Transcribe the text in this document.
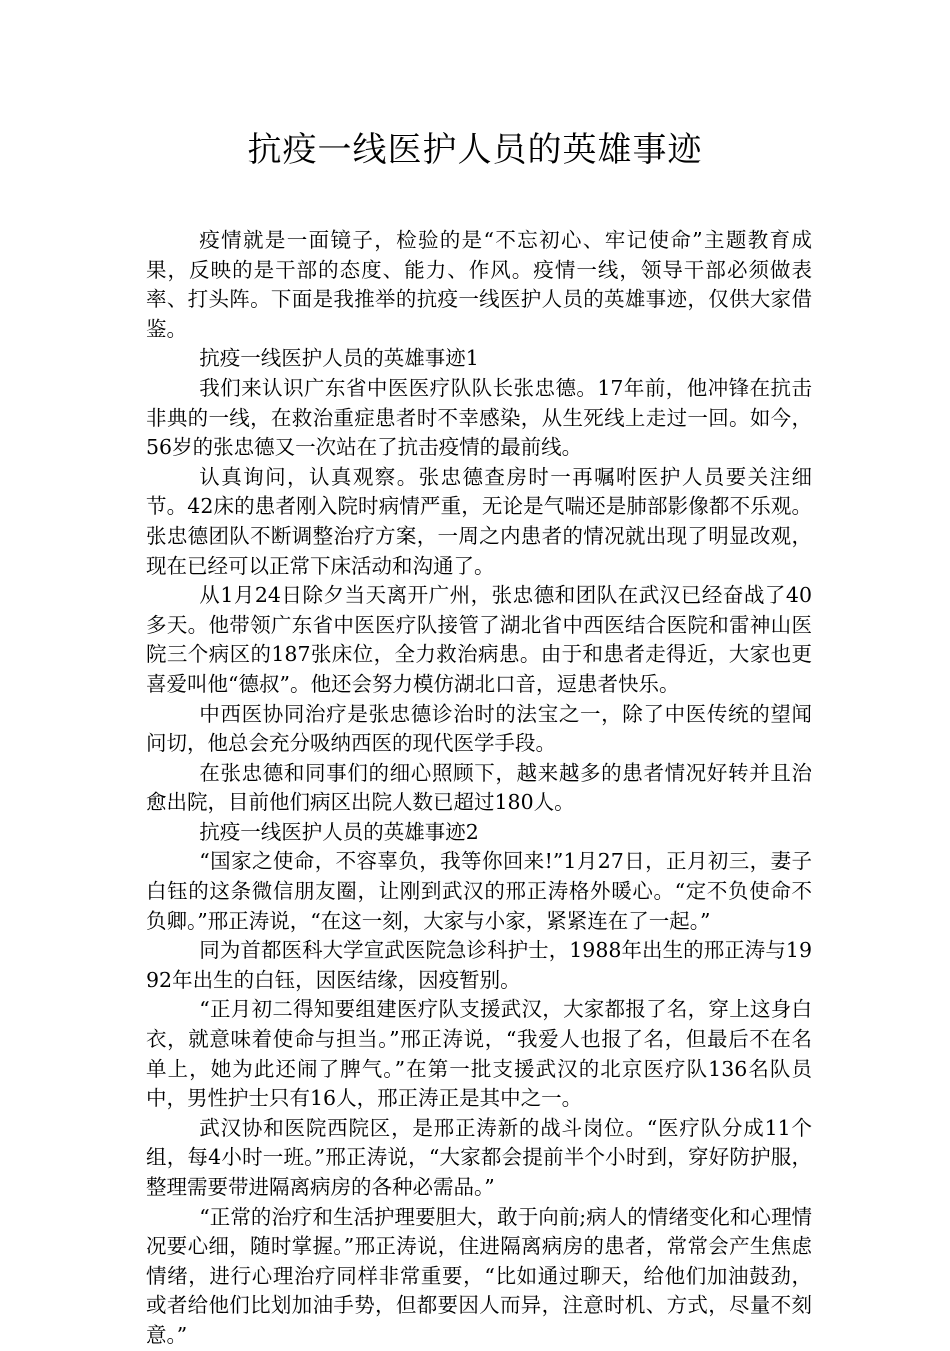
抗疫一线医护人员的英雄事迹

疫情就是一面镜子，检验的是“不忘初心、牢记使命”主题教育成果，反映的是干部的态度、能力、作风。疫情一线，领导干部必须做表率、打头阵。下面是我推举的抗疫一线医护人员的英雄事迹，仅供大家借鉴。

抗疫一线医护人员的英雄事迹1

我们来认识广东省中医医疗队队长张忠德。17年前，他冲锋在抗击非典的一线，在救治重症患者时不幸感染，从生死线上走过一回。如今，56岁的张忠德又一次站在了抗击疫情的最前线。

认真询问，认真观察。张忠德查房时一再嘱咐医护人员要关注细节。42床的患者刚入院时病情严重，无论是气喘还是肺部影像都不乐观。张忠德团队不断调整治疗方案，一周之内患者的情况就出现了明显改观，现在已经可以正常下床活动和沟通了。

从1月24日除夕当天离开广州，张忠德和团队在武汉已经奋战了40多天。他带领广东省中医医疗队接管了湖北省中西医结合医院和雷神山医院三个病区的187张床位，全力救治病患。由于和患者走得近，大家也更喜爱叫他“德叔”。他还会努力模仿湖北口音，逗患者快乐。

中西医协同治疗是张忠德诊治时的法宝之一，除了中医传统的望闻问切，他总会充分吸纳西医的现代医学手段。

在张忠德和同事们的细心照顾下，越来越多的患者情况好转并且治愈出院，目前他们病区出院人数已超过180人。

抗疫一线医护人员的英雄事迹2

“国家之使命，不容辜负，我等你回来!”1月27日，正月初三，妻子白钰的这条微信朋友圈，让刚到武汉的邢正涛格外暖心。“定不负使命不负卿。”邢正涛说，“在这一刻，大家与小家，紧紧连在了一起。”

同为首都医科大学宣武医院急诊科护士，1988年出生的邢正涛与1992年出生的白钰，因医结缘，因疫暂别。

“正月初二得知要组建医疗队支援武汉，大家都报了名，穿上这身白衣，就意味着使命与担当。”邢正涛说，“我爱人也报了名，但最后不在名单上，她为此还闹了脾气。”在第一批支援武汉的北京医疗队136名队员中，男性护士只有16人，邢正涛正是其中之一。

武汉协和医院西院区，是邢正涛新的战斗岗位。“医疗队分成11个组，每4小时一班。”邢正涛说，“大家都会提前半个小时到，穿好防护服，整理需要带进隔离病房的各种必需品。”

“正常的治疗和生活护理要胆大，敢于向前;病人的情绪变化和心理情况要心细，随时掌握。”邢正涛说，住进隔离病房的患者，常常会产生焦虑情绪，进行心理治疗同样非常重要，“比如通过聊天，给他们加油鼓劲，或者给他们比划加油手势，但都要因人而异，注意时机、方式，尽量不刻意。”
